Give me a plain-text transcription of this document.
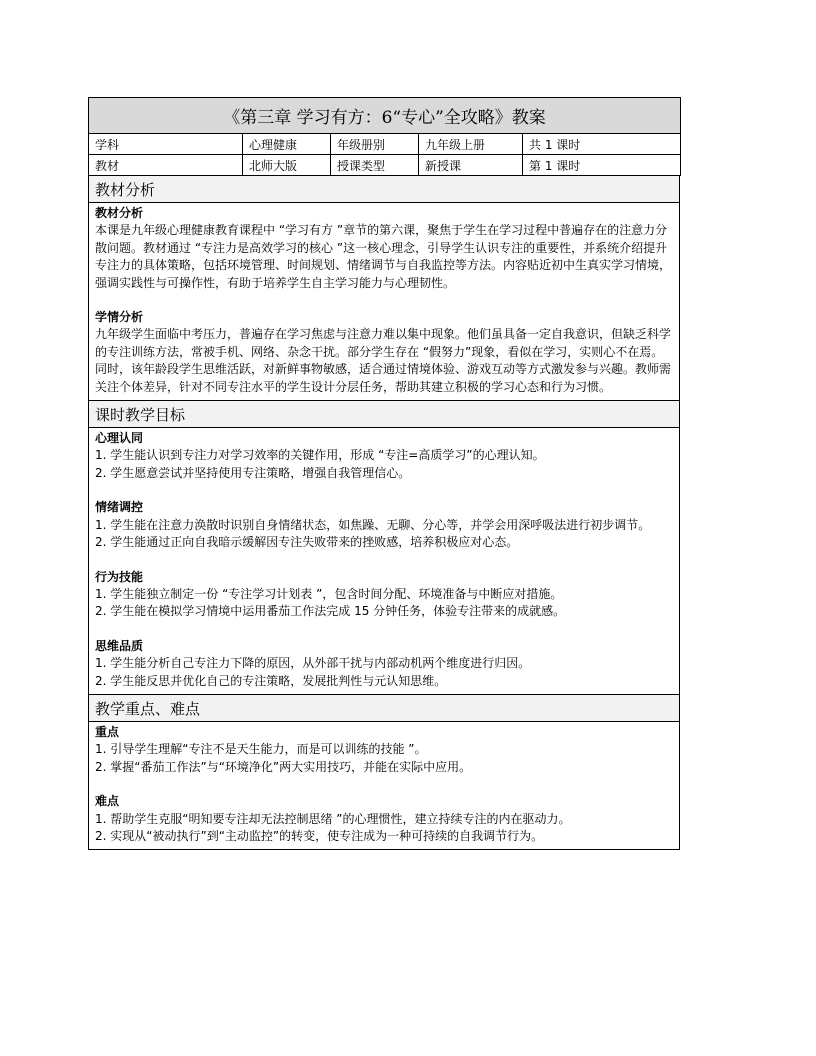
《第三章 学习有方：6“专心”全攻略》教案				
学科	心理健康	年级册别	九年级上册	共 1 课时
教材	北师大版	授课类型	新授课	第 1 课时
教材分析

教材分析

本课是九年级心理健康教育课程中 “学习有方 ”章节的第六课，聚焦于学生在学习过程中普遍存在的注意力分散问题。教材通过 “专注力是高效学习的核心 ”这一核心理念，引导学生认识专注的重要性，并系统介绍提升专注力的具体策略，包括环境管理、时间规划、情绪调节与自我监控等方法。内容贴近初中生真实学习情境，强调实践性与可操作性，有助于培养学生自主学习能力与心理韧性。

学情分析

九年级学生面临中考压力，普遍存在学习焦虑与注意力难以集中现象。他们虽具备一定自我意识，但缺乏科学的专注训练方法，常被手机、网络、杂念干扰。部分学生存在 “假努力”现象，看似在学习，实则心不在焉。同时，该年龄段学生思维活跃，对新鲜事物敏感，适合通过情境体验、游戏互动等方式激发参与兴趣。教师需关注个体差异，针对不同专注水平的学生设计分层任务，帮助其建立积极的学习心态和行为习惯。

课时教学目标

心理认同

1. 学生能认识到专注力对学习效率的关键作用，形成 “专注=高质学习”的心理认知。

2. 学生愿意尝试并坚持使用专注策略，增强自我管理信心。

情绪调控

1. 学生能在注意力涣散时识别自身情绪状态，如焦躁、无聊、分心等，并学会用深呼吸法进行初步调节。

2. 学生能通过正向自我暗示缓解因专注失败带来的挫败感，培养积极应对心态。

行为技能

1. 学生能独立制定一份 “专注学习计划表 ”，包含时间分配、环境准备与中断应对措施。

2. 学生能在模拟学习情境中运用番茄工作法完成 15 分钟任务，体验专注带来的成就感。

思维品质

1. 学生能分析自己专注力下降的原因，从外部干扰与内部动机两个维度进行归因。

2. 学生能反思并优化自己的专注策略，发展批判性与元认知思维。

教学重点、难点

重点

1. 引导学生理解“专注不是天生能力，而是可以训练的技能 ”。

2. 掌握“番茄工作法”与“环境净化”两大实用技巧，并能在实际中应用。

难点

1. 帮助学生克服“明知要专注却无法控制思绪 ”的心理惯性，建立持续专注的内在驱动力。

2. 实现从“被动执行”到“主动监控”的转变，使专注成为一种可持续的自我调节行为。
